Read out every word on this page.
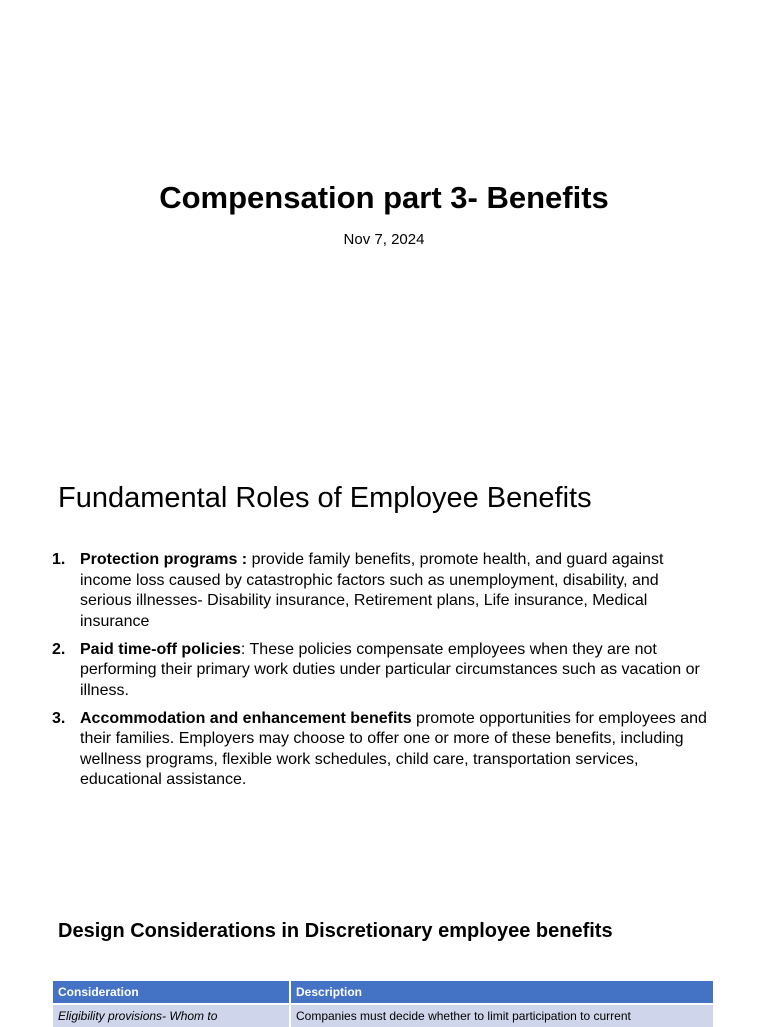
Compensation part 3- Benefits
Nov 7, 2024
Fundamental Roles of Employee Benefits
1. Protection programs : provide family benefits, promote health, and guard against income loss caused by catastrophic factors such as unemployment, disability, and serious illnesses- Disability insurance, Retirement plans, Life insurance, Medical insurance
2. Paid time-off policies: These policies compensate employees when they are not performing their primary work duties under particular circumstances such as vacation or illness.
3. Accommodation and enhancement benefits promote opportunities for employees and their families. Employers may choose to offer one or more of these benefits, including wellness programs, flexible work schedules, child care, transportation services, educational assistance.
Design Considerations in Discretionary employee benefits
Consideration	Description
Eligibility provisions- Whom to	Companies must decide whether to limit participation to current
